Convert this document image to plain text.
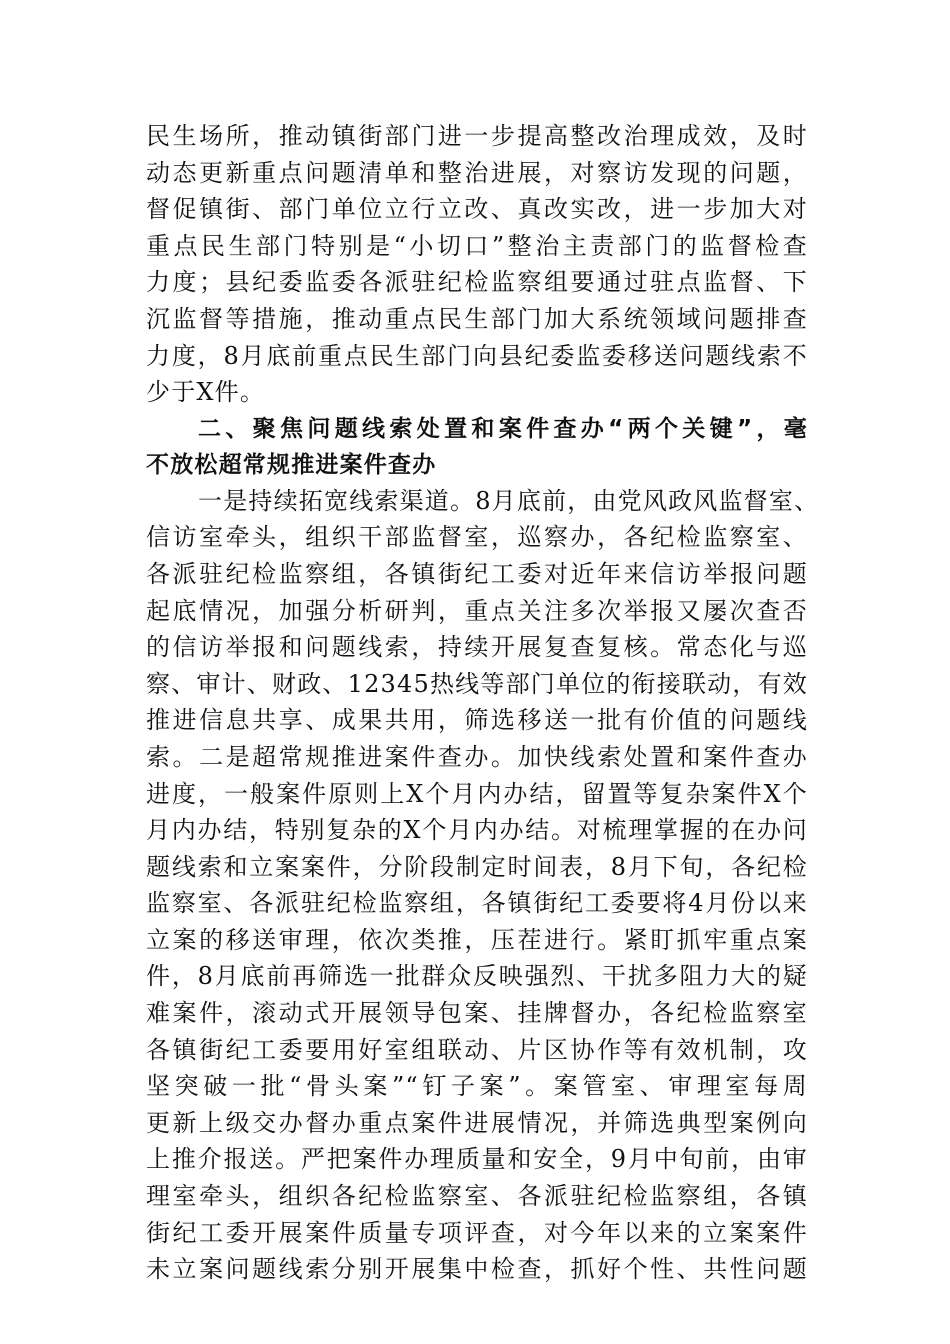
民生场所，推动镇街部门进一步提高整改治理成效，及时
动态更新重点问题清单和整治进展，对察访发现的问题，
督促镇街、部门单位立行立改、真改实改，进一步加大对
重点民生部门特别是“小切口”整治主责部门的监督检查
力度；县纪委监委各派驻纪检监察组要通过驻点监督、下
沉监督等措施，推动重点民生部门加大系统领域问题排查
力度，8月底前重点民生部门向县纪委监委移送问题线索不
少于X件。
二、聚焦问题线索处置和案件查办“两个关键”，毫
不放松超常规推进案件查办
一是持续拓宽线索渠道。8月底前，由党风政风监督室、
信访室牵头，组织干部监督室，巡察办，各纪检监察室、
各派驻纪检监察组，各镇街纪工委对近年来信访举报问题
起底情况，加强分析研判，重点关注多次举报又屡次查否
的信访举报和问题线索，持续开展复查复核。常态化与巡
察、审计、财政、12345热线等部门单位的衔接联动，有效
推进信息共享、成果共用，筛选移送一批有价值的问题线
索。二是超常规推进案件查办。加快线索处置和案件查办
进度，一般案件原则上X个月内办结，留置等复杂案件X个
月内办结，特别复杂的X个月内办结。对梳理掌握的在办问
题线索和立案案件，分阶段制定时间表，8月下旬，各纪检
监察室、各派驻纪检监察组，各镇街纪工委要将4月份以来
立案的移送审理，依次类推，压茬进行。紧盯抓牢重点案
件，8月底前再筛选一批群众反映强烈、干扰多阻力大的疑
难案件，滚动式开展领导包案、挂牌督办，各纪检监察室
各镇街纪工委要用好室组联动、片区协作等有效机制，攻
坚突破一批“骨头案”“钉子案”。案管室、审理室每周
更新上级交办督办重点案件进展情况，并筛选典型案例向
上推介报送。严把案件办理质量和安全，9月中旬前，由审
理室牵头，组织各纪检监察室、各派驻纪检监察组，各镇
街纪工委开展案件质量专项评查，对今年以来的立案案件
未立案问题线索分别开展集中检查，抓好个性、共性问题
